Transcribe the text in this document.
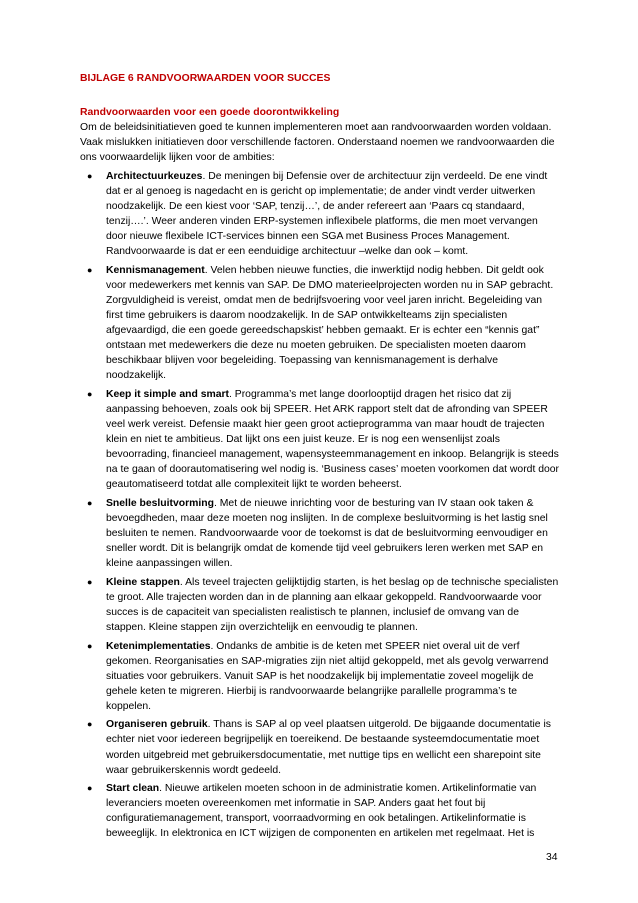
BIJLAGE 6 RANDVOORWAARDEN VOOR SUCCES
Randvoorwaarden voor een goede doorontwikkeling
Om de beleidsinitiatieven goed te kunnen implementeren moet aan randvoorwaarden worden voldaan. Vaak mislukken initiatieven door verschillende factoren. Onderstaand noemen we randvoorwaarden die ons voorwaardelijk lijken voor de ambities:
● Architectuurkeuzes. De meningen bij Defensie over de architectuur zijn verdeeld. De ene vindt dat er al genoeg is nagedacht en is gericht op implementatie; de ander vindt verder uitwerken noodzakelijk. De een kiest voor ‘SAP, tenzij…’, de ander refereert aan ‘Paars cq standaard, tenzij….’. Weer anderen vinden ERP-systemen inflexibele platforms, die men moet vervangen door nieuwe flexibele ICT-services binnen een SGA met Business Proces Management. Randvoorwaarde is dat er een eenduidige architectuur –welke dan ook – komt.
● Kennismanagement. Velen hebben nieuwe functies, die inwerktijd nodig hebben. Dit geldt ook voor medewerkers met kennis van SAP. De DMO materieelprojecten worden nu in SAP gebracht. Zorgvuldigheid is vereist, omdat men de bedrijfsvoering voor veel jaren inricht. Begeleiding van first time gebruikers is daarom noodzakelijk. In de SAP ontwikkelteams zijn specialisten afgevaardigd, die een goede gereedschapskist’ hebben gemaakt. Er is echter een “kennis gat” ontstaan met medewerkers die deze nu moeten gebruiken. De specialisten moeten daarom beschikbaar blijven voor begeleiding. Toepassing van kennismanagement is derhalve noodzakelijk.
● Keep it simple and smart. Programma’s met lange doorlooptijd dragen het risico dat zij aanpassing behoeven, zoals ook bij SPEER. Het ARK rapport stelt dat de afronding van SPEER veel werk vereist. Defensie maakt hier geen groot actieprogramma van maar houdt de trajecten klein en niet te ambitieus. Dat lijkt ons een juist keuze. Er is nog een wensenlijst zoals bevoorrading, financieel management, wapensysteemmanagement en inkoop. Belangrijk is steeds na te gaan of doorautomatisering wel nodig is. ‘Business cases’ moeten voorkomen dat wordt door geautomatiseerd totdat alle complexiteit lijkt te worden beheerst.
● Snelle besluitvorming. Met de nieuwe inrichting voor de besturing van IV staan ook taken & bevoegdheden, maar deze moeten nog inslijten. In de complexe besluitvorming is het lastig snel besluiten te nemen. Randvoorwaarde voor de toekomst is dat de besluitvorming eenvoudiger en sneller wordt. Dit is belangrijk omdat de komende tijd veel gebruikers leren werken met SAP en kleine aanpassingen willen.
● Kleine stappen. Als teveel trajecten gelijktijdig starten, is het beslag op de technische specialisten te groot. Alle trajecten worden dan in de planning aan elkaar gekoppeld. Randvoorwaarde voor succes is de capaciteit van specialisten realistisch te plannen, inclusief de omvang van de stappen. Kleine stappen zijn overzichtelijk en eenvoudig te plannen.
● Ketenimplementaties. Ondanks de ambitie is de keten met SPEER niet overal uit de verf gekomen. Reorganisaties en SAP-migraties zijn niet altijd gekoppeld, met als gevolg verwarrend situaties voor gebruikers. Vanuit SAP is het noodzakelijk bij implementatie zoveel mogelijk de gehele keten te migreren. Hierbij is randvoorwaarde belangrijke parallelle programma’s te koppelen.
● Organiseren gebruik. Thans is SAP al op veel plaatsen uitgerold. De bijgaande documentatie is echter niet voor iedereen begrijpelijk en toereikend. De bestaande systeemdocumentatie moet worden uitgebreid met gebruikersdocumentatie, met nuttige tips en wellicht een sharepoint site waar gebruikerskennis wordt gedeeld.
● Start clean. Nieuwe artikelen moeten schoon in de administratie komen. Artikelinformatie van leveranciers moeten overeenkomen met informatie in SAP. Anders gaat het fout bij configuratiemanagement, transport, voorraadvorming en ook betalingen. Artikelinformatie is beweeglijk. In elektronica en ICT wijzigen de componenten en artikelen met regelmaat. Het is
34
